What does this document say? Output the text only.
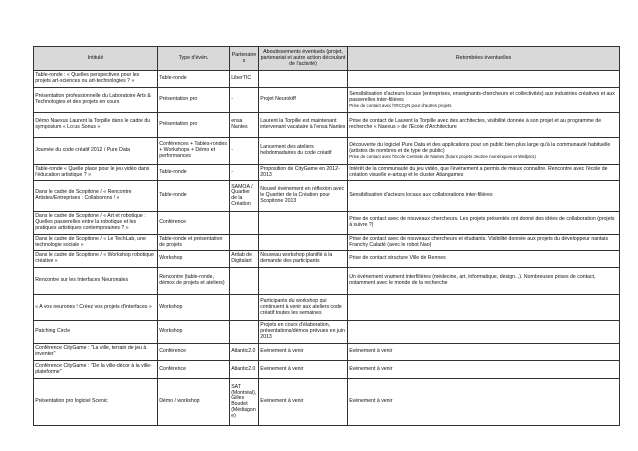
Intitulé	Type d'évén.	Partenaires	Aboutissements éventuels (projet, partenariat et autre action découlant de l'activité)	Retombées éventuelles
Table-ronde : « Quelles perspectives pour les projets art-sciences ou art-technologies ? »	Table-ronde	LiberTIC		
Présentation professionnelle du Laboratoire Arts & Technologies et des projets en cours	Présentation pro	-	Projet Neurokiff	Sensibilisation d'acteurs locaux (entreprises, enseignants-chercheurs et collectivités) aux industries créatives et aux passerelles inter-filières
Prise de contact avec l'IRCCyN pour d'autres projets

Démo Naexus Laurent la Torpille dans le cadre du symposium « Lo:us Sonus »	Présentation pro	ensa Nantes	Laurent la Torpille est maintenant intervenant vacataire à l'ensa Nantes	Prise de contact de Laurent la Torpille avec des architectes, visibilité donnée à son projet et au programme de recherche « Naexus » de l'Ecole d'Architecture
Journée du code créatif 2012 / Pure Data	Conférences + Tables-rondes + Workshops + Démo et performances	-	Lancement des ateliers hebdomadaires du code créatif	Découverte du logiciel Pure Data et des applications pour un public bien plus large qu'à la communauté habituelle (artistes de nombres et de type de public)
Prise de contact avec l'Ecole Centrale de Nantes (futurs projets Jeu2ne numériques et Wallpics)

Table-ronde « Quelle place pour le jeu vidéo dans l'éducation artistique ? »	Table-ronde	-	Proposition de CityGame en 2012-2013	Intérêt de la communauté du jeu vidéo, que l'événement a permis de mieux connaître. Rencontre avec l'école de création visuelle e-artsup et le cluster Atlangames
Dans le cadre de Scopitone / « Rencontre Artistes/Entreprises : Collaborons ! »	Table-ronde	SAMOA / Quartier de la Création	Nouvel événement en réflexion avec le Quartier de la Création pour Scopitone 2013	Sensibilisation d'acteurs locaux aux collaborations inter-filières
Dans le cadre de Scopitone / « Art et robotique : Quelles passerelles entre la robotique et les pratiques artistiques contemporaines ? »	Conférence			Prise de contact avec de nouveaux chercheurs. Les projets présentés ont donné des idées de collaboration (projets à suivre ?)
Dans le cadre de Scopitone / « Le TechLab, une technologie sociale »	Table-ronde et présentation de projets			Prise de contact avec de nouveaux chercheurs et étudiants. Visibilité donnée aux projets du développeur nantais Franchy Caladé (avec le robot Nao)
Dans le cadre de Scopitone / « Workshop robotique créative »	Workshop	Artlab de Digitalart	Nouveau workshop planifié à la demande des participants	Prise de contact structure Ville de Rennes
Rencontre sur les Interfaces Neuronales	Rencontre (table-ronde, démos de projets et ateliers)			Un événement vraiment interfilières (médecine, art, informatique, design...). Nombreuses prises de contact, notamment avec le monde de la recherche
« A vos neurones ! Créez vos projets d'interfaces »	Workshop		Participants du workshop qui continuent à venir aux ateliers code créatif toutes les semaines	
Patching Circle	Workshop		Projets en cours d'élaboration, présentations/démos prévues en juin 2013	
Conférence CityGame : "La ville, terrain de jeu à inventer"	Conférence	Atlantic2.0	Evènement à venir	Evènement à venir
Conférence CityGame : "De la ville-décor à la ville-plateforme"	Conférence	Atlantic2.0	Evènement à venir	Evènement à venir
Présentation pro logiciel Scenic	Démo / workshop	SAT (Montréal), Gilles Boudet (Médiagone)	Evènement à venir	Evènement à venir
